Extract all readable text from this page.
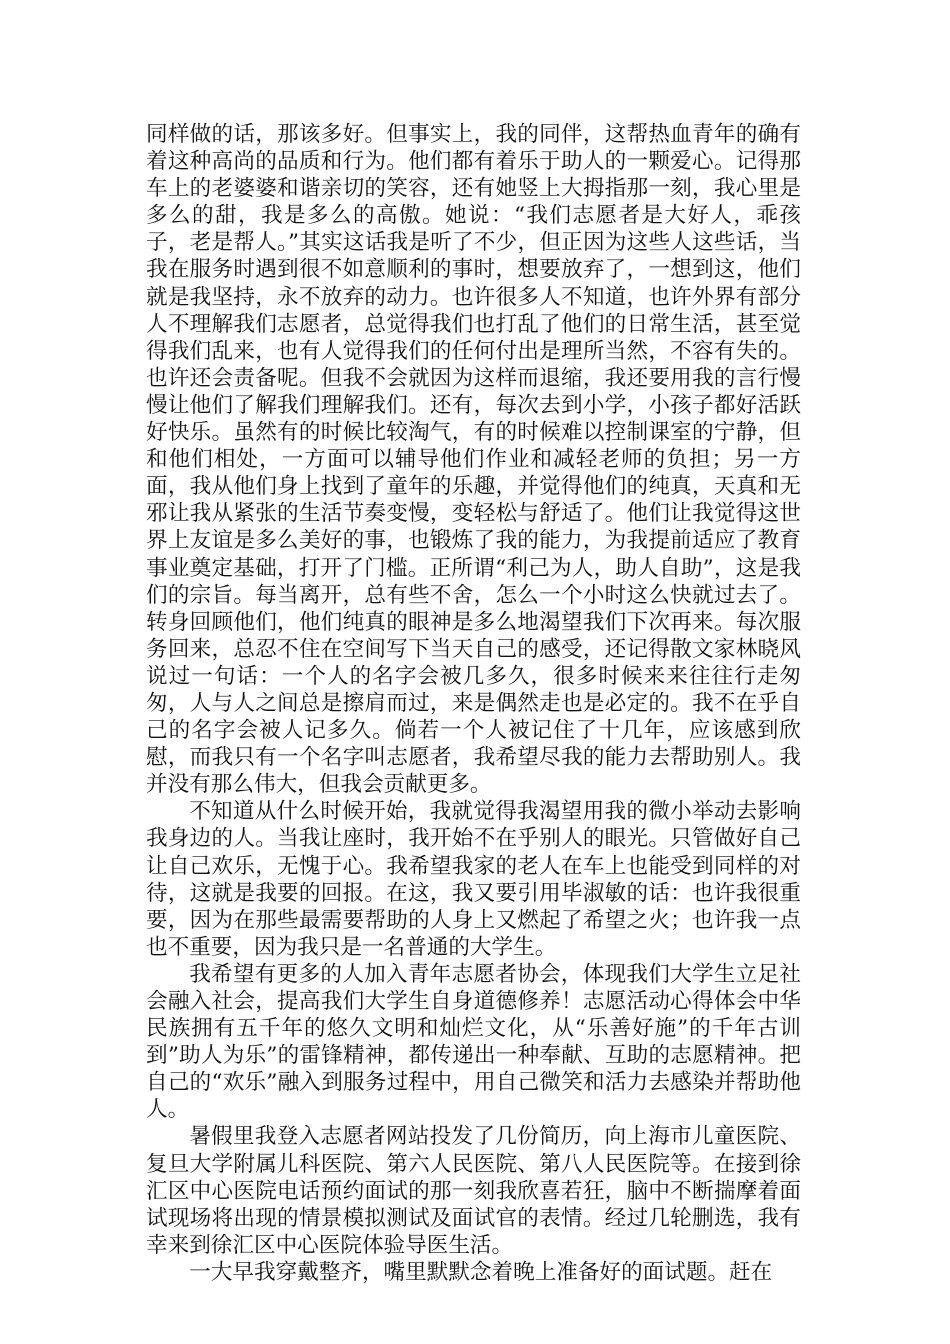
同样做的话，那该多好。但事实上，我的同伴，这帮热血青年的确有着这种高尚的品质和行为。他们都有着乐于助人的一颗爱心。记得那车上的老婆婆和谐亲切的笑容，还有她竖上大拇指那一刻，我心里是多么的甜，我是多么的高傲。她说：“我们志愿者是大好人，乖孩子，老是帮人。”其实这话我是听了不少，但正因为这些人这些话，当我在服务时遇到很不如意顺利的事时，想要放弃了，一想到这，他们就是我坚持，永不放弃的动力。也许很多人不知道，也许外界有部分人不理解我们志愿者，总觉得我们也打乱了他们的日常生活，甚至觉得我们乱来，也有人觉得我们的任何付出是理所当然，不容有失的。也许还会责备呢。但我不会就因为这样而退缩，我还要用我的言行慢慢让他们了解我们理解我们。还有，每次去到小学，小孩子都好活跃好快乐。虽然有的时候比较淘气，有的时候难以控制课室的宁静，但和他们相处，一方面可以辅导他们作业和减轻老师的负担；另一方面，我从他们身上找到了童年的乐趣，并觉得他们的纯真，天真和无邪让我从紧张的生活节奏变慢，变轻松与舒适了。他们让我觉得这世界上友谊是多么美好的事，也锻炼了我的能力，为我提前适应了教育事业奠定基础，打开了门槛。正所谓“利己为人，助人自助”，这是我们的宗旨。每当离开，总有些不舍，怎么一个小时这么快就过去了。转身回顾他们，他们纯真的眼神是多么地渴望我们下次再来。每次服务回来，总忍不住在空间写下当天自己的感受，还记得散文家林晓风说过一句话：一个人的名字会被几多久，很多时候来来往往行走匆匆，人与人之间总是擦肩而过，来是偶然走也是必定的。我不在乎自己的名字会被人记多久。倘若一个人被记住了十几年，应该感到欣慰，而我只有一个名字叫志愿者，我希望尽我的能力去帮助别人。我并没有那么伟大，但我会贡献更多。

不知道从什么时候开始，我就觉得我渴望用我的微小举动去影响我身边的人。当我让座时，我开始不在乎别人的眼光。只管做好自己让自己欢乐，无愧于心。我希望我家的老人在车上也能受到同样的对待，这就是我要的回报。在这，我又要引用毕淑敏的话：也许我很重要，因为在那些最需要帮助的人身上又燃起了希望之火；也许我一点也不重要，因为我只是一名普通的大学生。

我希望有更多的人加入青年志愿者协会，体现我们大学生立足社会融入社会，提高我们大学生自身道德修养！志愿活动心得体会中华民族拥有五千年的悠久文明和灿烂文化，从“乐善好施”的千年古训到”助人为乐”的雷锋精神，都传递出一种奉献、互助的志愿精神。把自己的“欢乐”融入到服务过程中，用自己微笑和活力去感染并帮助他人。

暑假里我登入志愿者网站投发了几份简历，向上海市儿童医院、复旦大学附属儿科医院、第六人民医院、第八人民医院等。在接到徐汇区中心医院电话预约面试的那一刻我欣喜若狂，脑中不断揣摩着面试现场将出现的情景模拟测试及面试官的表情。经过几轮删选，我有幸来到徐汇区中心医院体验导医生活。

一大早我穿戴整齐，嘴里默默念着晚上准备好的面试题。赶在
